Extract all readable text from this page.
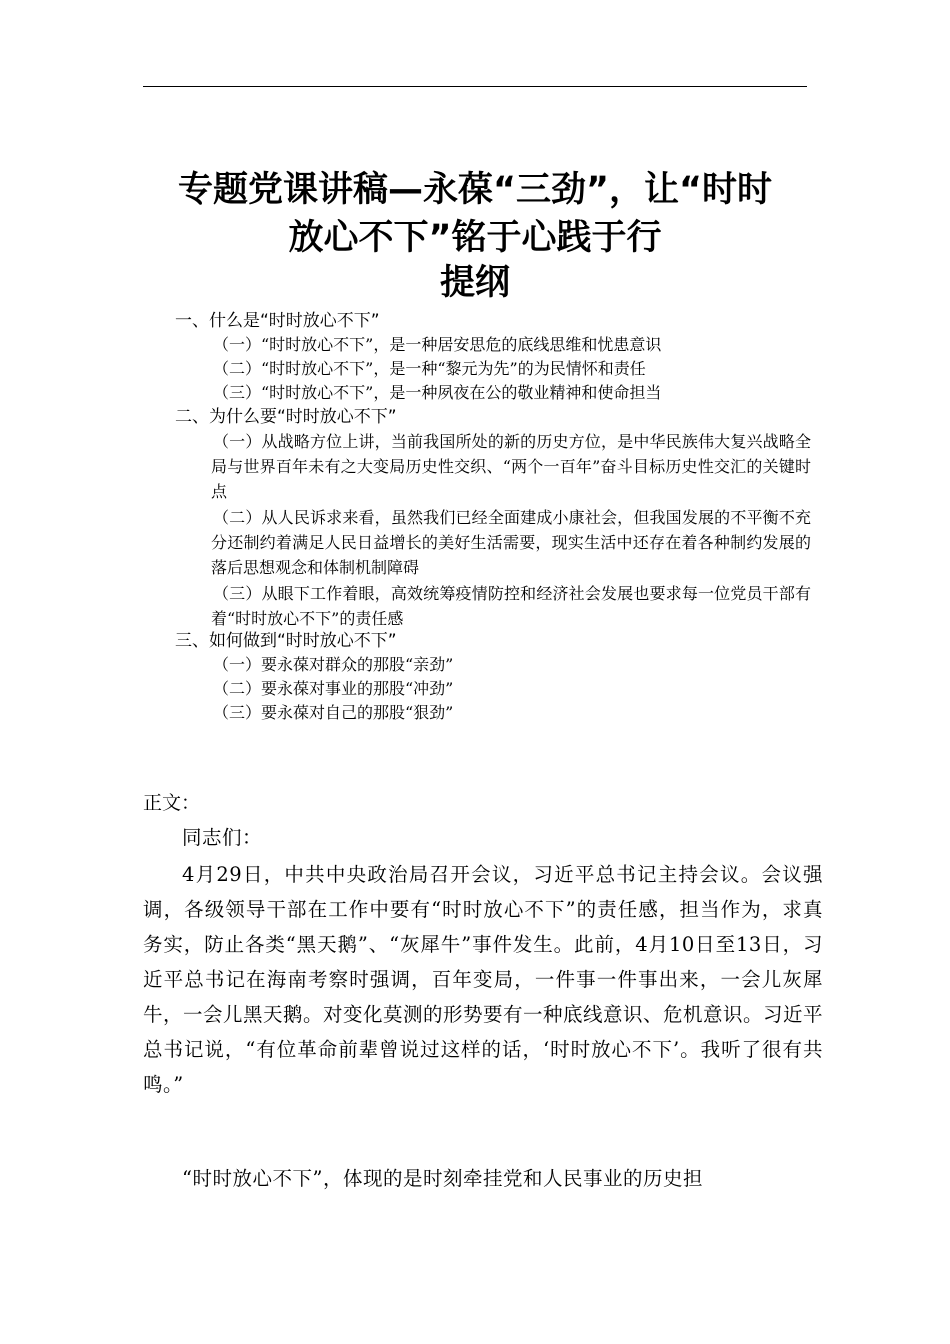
专题党课讲稿—永葆“三劲”，让“时时
放心不下”铭于心践于行
提纲
一、什么是“时时放心不下”
（一）“时时放心不下”，是一种居安思危的底线思维和忧患意识
（二）“时时放心不下”，是一种“黎元为先”的为民情怀和责任
（三）“时时放心不下”，是一种夙夜在公的敬业精神和使命担当
二、为什么要“时时放心不下”
（一）从战略方位上讲，当前我国所处的新的历史方位，是中华民族伟大复兴战略全局与世界百年未有之大变局历史性交织、“两个一百年”奋斗目标历史性交汇的关键时点
（二）从人民诉求来看，虽然我们已经全面建成小康社会，但我国发展的不平衡不充分还制约着满足人民日益增长的美好生活需要，现实生活中还存在着各种制约发展的落后思想观念和体制机制障碍
（三）从眼下工作着眼，高效统筹疫情防控和经济社会发展也要求每一位党员干部有着“时时放心不下”的责任感
三、如何做到“时时放心不下”
（一）要永葆对群众的那股“亲劲”
（二）要永葆对事业的那股“冲劲”
（三）要永葆对自己的那股“狠劲”
正文：

同志们：

4月29日，中共中央政治局召开会议，习近平总书记主持会议。会议强调，各级领导干部在工作中要有“时时放心不下”的责任感，担当作为，求真务实，防止各类“黑天鹅”、“灰犀牛”事件发生。此前，4月10日至13日，习近平总书记在海南考察时强调，百年变局，一件事一件事出来，一会儿灰犀牛，一会儿黑天鹅。对变化莫测的形势要有一种底线意识、危机意识。习近平总书记说，“有位革命前辈曾说过这样的话，‘时时放心不下’。我听了很有共鸣。”

“时时放心不下”，体现的是时刻牵挂党和人民事业的历史担
